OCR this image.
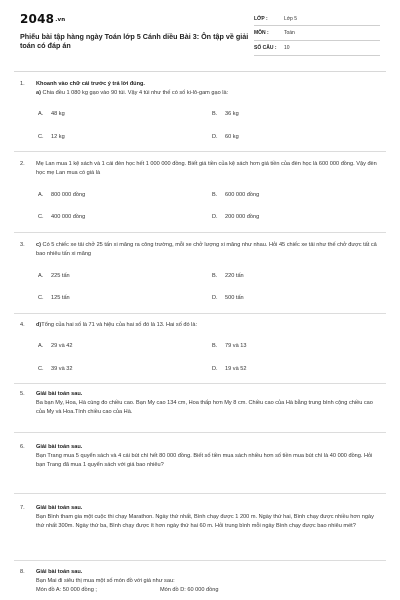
2048.vn
Phiếu bài tập hàng ngày Toán lớp 5 Cánh diều Bài 3: Ôn tập về giải toán có đáp án
LỚP :	Lớp 5
MÔN :	Toán
SỐ CÂU :	10
1.	Khoanh vào chữ cái trước ý trả lời đúng.
a) Chia đều 1 080 kg gạo vào 90 túi. Vậy 4 túi như thế có số ki-lô-gam gạo là:
A. 48 kg	B. 36 kg
C. 12 kg	D. 60 kg
2.	Mẹ Lan mua 1 kệ sách và 1 cái đèn học hết 1 000 000 đồng. Biết giá tiền của kệ sách hơn giá tiền của đèn học là 600 000 đồng. Vậy đèn học mẹ Lan mua có giá là
A. 800 000 đồng	B. 600 000 đồng
C. 400 000 đồng	D. 200 000 đồng
3.	c) Có 5 chiếc xe tải chở 25 tấn xi măng ra công trường, mỗi xe chở lượng xi măng như nhau. Hỏi 45 chiếc xe tải như thế chở được tất cả bao nhiêu tấn xi măng
A. 225 tấn	B. 220 tấn
C. 125 tấn	D. 500 tấn
4.	d)Tổng của hai số là 71 và hiệu của hai số đó là 13. Hai số đó là:
A. 29 và 42	B. 79 và 13
C. 39 và 32	D. 19 và 52
5.	Giải bài toán sau.
Ba bạn My, Hoa, Hà cùng đo chiều cao. Bạn My cao 134 cm, Hoa thấp hơn My 8 cm. Chiều cao của Hà bằng trung bình cộng chiều cao của My và Hoa.Tính chiều cao của Hà.
6.	Giải bài toán sau.
Bạn Trang mua 5 quyển sách và 4 cái bút chì hết 80 000 đồng. Biết số tiền mua sách nhiều hơn số tiền mua bút chì là 40 000 đồng. Hỏi bạn Trang đã mua 1 quyển sách với giá bao nhiêu?
7.	Giải bài toán sau.
Bạn Bình tham gia một cuộc thi chạy Marathon. Ngày thứ nhất, Bình chạy được 1 200 m. Ngày thứ hai, Bình chạy được nhiều hơn ngày thứ nhất 300m. Ngày thứ ba, Bình chạy được ít hơn ngày thứ hai 60 m. Hỏi trung bình mỗi ngày Bình chạy được bao nhiêu mét?
8.	Giải bài toán sau.
Bạn Mai đi siêu thị mua một số món đồ với giá như sau:
Món đồ A: 50 000 đồng ;	Món đồ D: 60 000 đồng
